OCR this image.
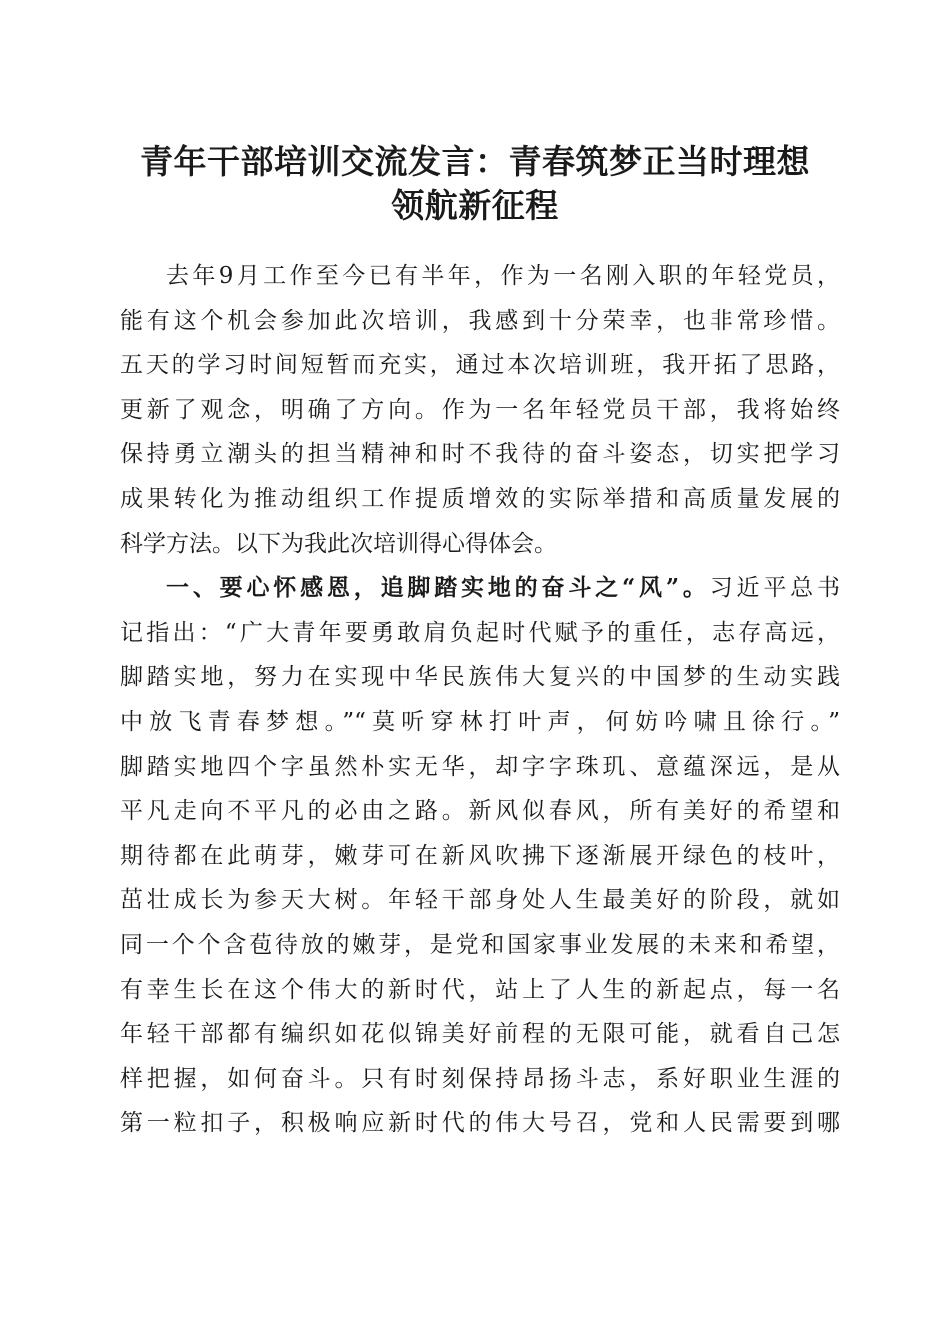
青年干部培训交流发言：青春筑梦正当时理想
领航新征程
去年9月工作至今已有半年，作为一名刚入职的年轻党员，
能有这个机会参加此次培训，我感到十分荣幸，也非常珍惜。
五天的学习时间短暂而充实，通过本次培训班，我开拓了思路，
更新了观念，明确了方向。作为一名年轻党员干部，我将始终
保持勇立潮头的担当精神和时不我待的奋斗姿态，切实把学习
成果转化为推动组织工作提质增效的实际举措和高质量发展的
科学方法。以下为我此次培训得心得体会。
一、要心怀感恩，追脚踏实地的奋斗之“风”。习近平总书
记指出：“广大青年要勇敢肩负起时代赋予的重任，志存高远，
脚踏实地，努力在实现中华民族伟大复兴的中国梦的生动实践
中放飞青春梦想。”“莫听穿林打叶声，何妨吟啸且徐行。”
脚踏实地四个字虽然朴实无华，却字字珠玑、意蕴深远，是从
平凡走向不平凡的必由之路。新风似春风，所有美好的希望和
期待都在此萌芽，嫩芽可在新风吹拂下逐渐展开绿色的枝叶，
茁壮成长为参天大树。年轻干部身处人生最美好的阶段，就如
同一个个含苞待放的嫩芽，是党和国家事业发展的未来和希望，
有幸生长在这个伟大的新时代，站上了人生的新起点，每一名
年轻干部都有编织如花似锦美好前程的无限可能，就看自己怎
样把握，如何奋斗。只有时刻保持昂扬斗志，系好职业生涯的
第一粒扣子，积极响应新时代的伟大号召，党和人民需要到哪
